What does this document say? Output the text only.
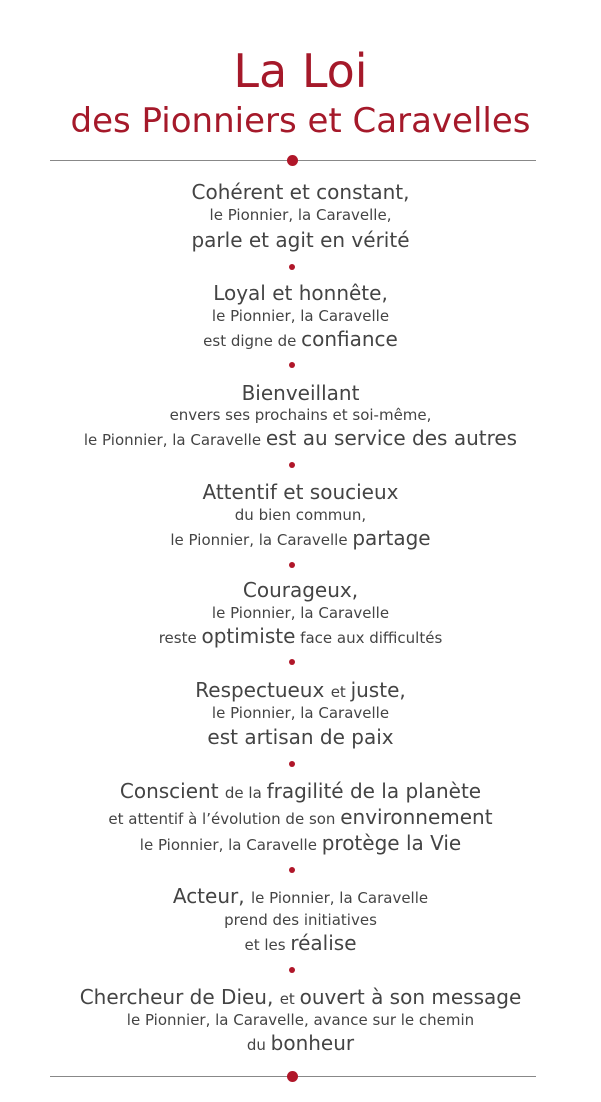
La Loi
des Pionniers et Caravelles
Cohérent et constant,
le Pionnier, la Caravelle,
parle et agit en vérité
Loyal et honnête,
le Pionnier, la Caravelle
est digne de confiance
Bienveillant
envers ses prochains et soi-même,
le Pionnier, la Caravelle est au service des autres
Attentif et soucieux
du bien commun,
le Pionnier, la Caravelle partage
Courageux,
le Pionnier, la Caravelle
reste optimiste face aux difficultés
Respectueux et juste,
le Pionnier, la Caravelle
est artisan de paix
Conscient de la fragilité de la planète
et attentif à l’évolution de son environnement
le Pionnier, la Caravelle protège la Vie
Acteur, le Pionnier, la Caravelle
prend des initiatives
et les réalise
Chercheur de Dieu, et ouvert à son message
le Pionnier, la Caravelle, avance sur le chemin
du bonheur
